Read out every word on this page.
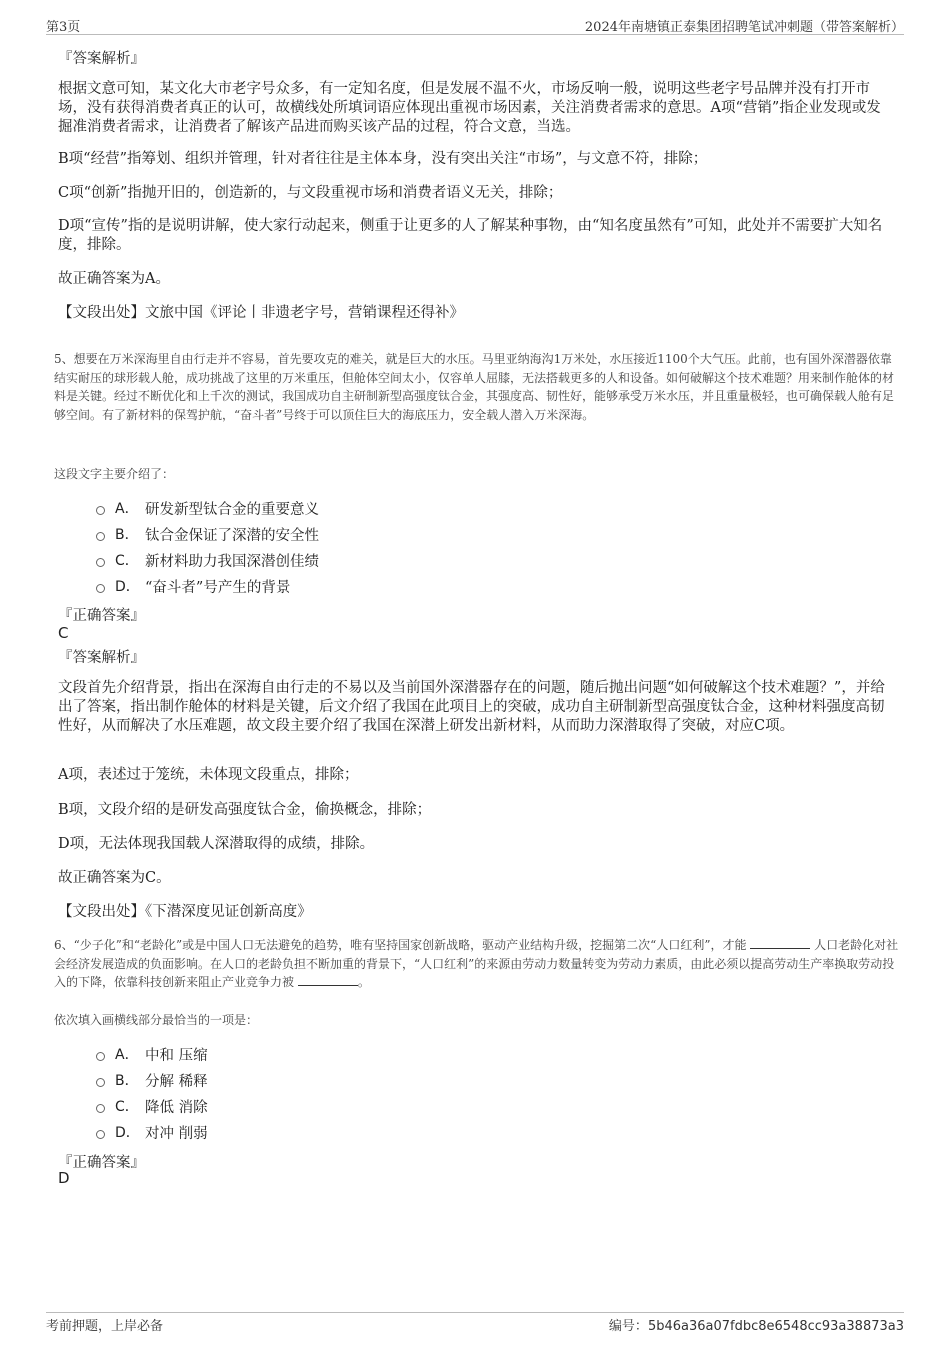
第3页	2024年南塘镇正泰集团招聘笔试冲刺题（带答案解析）
『答案解析』

根据文意可知，某文化大市老字号众多，有一定知名度，但是发展不温不火，市场反响一般，说明这些老字号品牌并没有打开市场，没有获得消费者真正的认可，故横线处所填词语应体现出重视市场因素，关注消费者需求的意思。A项“营销”指企业发现或发掘准消费者需求，让消费者了解该产品进而购买该产品的过程，符合文意，当选。

B项“经营”指筹划、组织并管理，针对者往往是主体本身，没有突出关注“市场”，与文意不符，排除；

C项“创新”指抛开旧的，创造新的，与文段重视市场和消费者语义无关，排除；

D项“宣传”指的是说明讲解，使大家行动起来，侧重于让更多的人了解某种事物，由“知名度虽然有”可知，此处并不需要扩大知名度，排除。

故正确答案为A。

【文段出处】文旅中国《评论丨非遗老字号，营销课程还得补》

5、想要在万米深海里自由行走并不容易，首先要攻克的难关，就是巨大的水压。马里亚纳海沟1万米处，水压接近1100个大气压。此前，也有国外深潜器依靠结实耐压的球形载人舱，成功挑战了这里的万米重压，但舱体空间太小，仅容单人屈膝，无法搭载更多的人和设备。如何破解这个技术难题？用来制作舱体的材料是关键。经过不断优化和上千次的测试，我国成功自主研制新型高强度钛合金，其强度高、韧性好，能够承受万米水压，并且重量极轻，也可确保载人舱有足够空间。有了新材料的保驾护航，“奋斗者”号终于可以顶住巨大的海底压力，安全载人潜入万米深海。

这段文字主要介绍了：

A． 研发新型钛合金的重要意义
B． 钛合金保证了深潜的安全性
C． 新材料助力我国深潜创佳绩
D． “奋斗者”号产生的背景
『正确答案』
C
『答案解析』

文段首先介绍背景，指出在深海自由行走的不易以及当前国外深潜器存在的问题，随后抛出问题“如何破解这个技术难题？”，并给出了答案，指出制作舱体的材料是关键，后文介绍了我国在此项目上的突破，成功自主研制新型高强度钛合金，这种材料强度高韧性好，从而解决了水压难题，故文段主要介绍了我国在深潜上研发出新材料，从而助力深潜取得了突破，对应C项。

A项，表述过于笼统，未体现文段重点，排除；

B项，文段介绍的是研发高强度钛合金，偷换概念，排除；

D项，无法体现我国载人深潜取得的成绩，排除。

故正确答案为C。

【文段出处】《下潜深度见证创新高度》

6、“少子化”和“老龄化”或是中国人口无法避免的趋势，唯有坚持国家创新战略，驱动产业结构升级，挖掘第二次“人口红利”，才能	人口老龄化对社会经济发展造成的负面影响。在人口的老龄负担不断加重的背景下，“人口红利”的来源由劳动力数量转变为劳动力素质，由此必须以提高劳动生产率换取劳动投入的下降，依靠科技创新来阻止产业竞争力被	。

依次填入画横线部分最恰当的一项是：

A． 中和 压缩
B． 分解 稀释
C． 降低 消除
D． 对冲 削弱
『正确答案』
D
考前押题，上岸必备	编号：5b46a36a07fdbc8e6548cc93a38873a3
